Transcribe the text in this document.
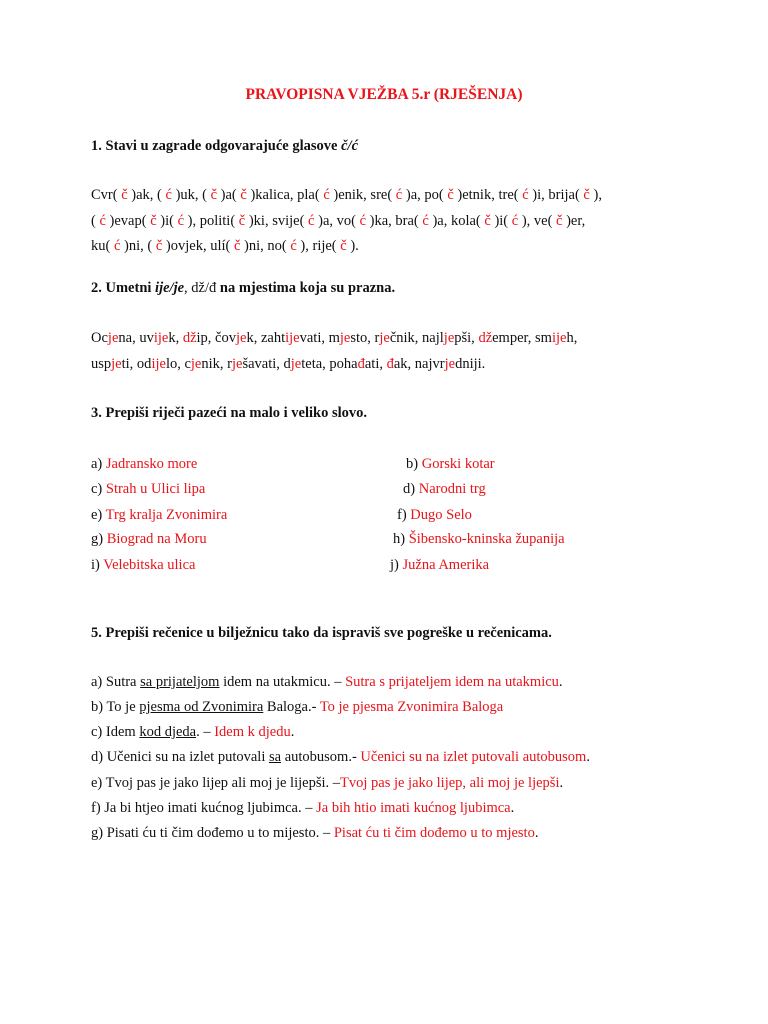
PRAVOPISNA VJEŽBA 5.r (RJEŠENJA)
1. Stavi u zagrade odgovarajuće glasove č/ć
Cvr( č )ak, ( ć )uk, ( č )a( č )kalica, pla( ć )enik, sre( ć )a, po( č )etnik, tre( ć )i, brija( č ),
( ć )evap( č )i( ć ), politi( č )ki, svije( ć )a, vo( ć )ka, bra( ć )a, kola( č )i( ć ), ve( č )er,
ku( ć )ni, ( č )ovjek, ulí( č )ni, no( ć ), rije( č ).
2. Umetni ije/je, dž/đ na mjestima koja su prazna.
Ocjena, uvijek, džip, čovjek, zahtijevati, mjesto, rječnik, najljepši, džemper, smijeh,
uspjeti, odijelo, cjenik, rješavati, djeteta, pohađati, đak, najvrjedniji.
3. Prepiši riječi pazeći na malo i veliko slovo.
a) Jadransko more
c) Strah u Ulici lipa
e) Trg kralja Zvonimira
g) Biograd na Moru
i) Velebitska ulica
b) Gorski kotar
d) Narodni trg
f) Dugo Selo
h) Šibensko-kninska županija
j) Južna Amerika
5. Prepiši rečenice u bilježnicu tako da ispraviš sve pogreške u rečenicama.
a) Sutra sa prijateljom idem na utakmicu. – Sutra s prijateljem idem na utakmicu.
b) To je pjesma od Zvonimira Baloga.- To je pjesma Zvonimira Baloga
c) Idem kod djeda. – Idem k djedu.
d) Učenici su na izlet putovali sa autobusom.- Učenici su na izlet putovali autobusom.
e) Tvoj pas je jako lijep ali moj je lijepši. –Tvoj pas je jako lijep, ali moj je ljepši.
f) Ja bi htjeo imati kućnog ljubimca. – Ja bih htio imati kućnog ljubimca.
g) Pisati ću ti čim dođemo u to mijesto. – Pisat ću ti čim dođemo u to mjesto.
